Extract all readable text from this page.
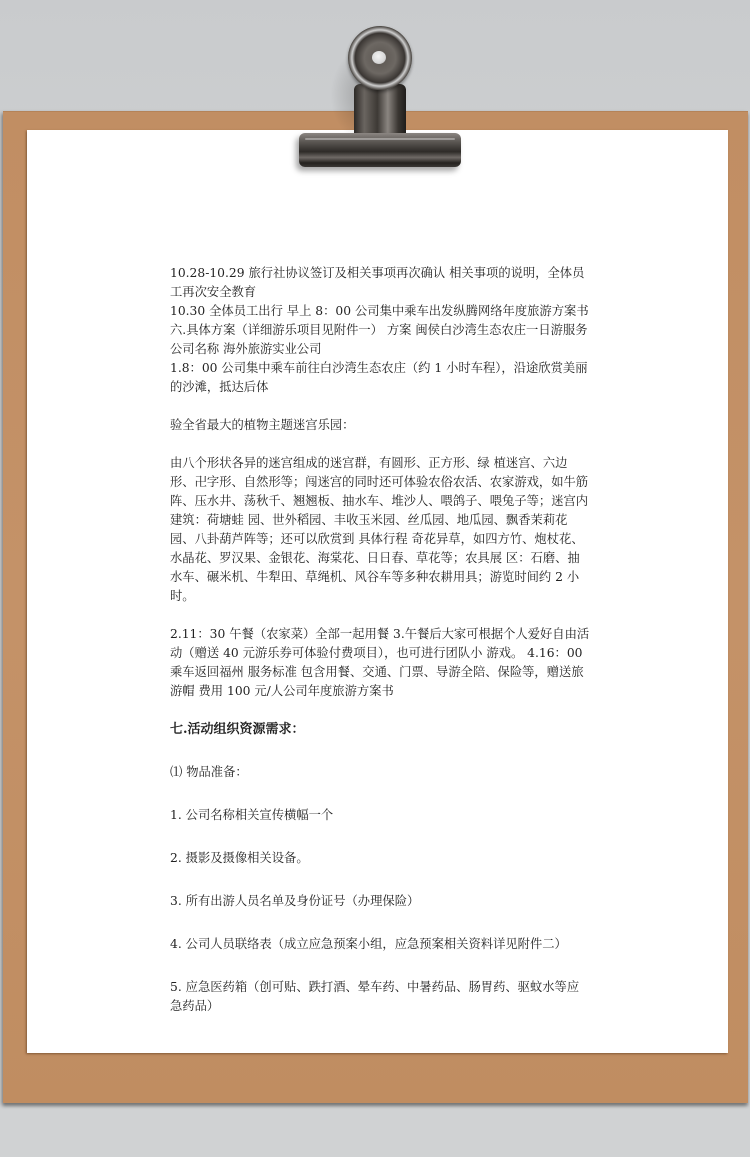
10.28-10.29 旅行社协议签订及相关事项再次确认 相关事项的说明，全体员工再次安全教育

10.30 全体员工出行 早上 8：00 公司集中乘车出发纵腾网络年度旅游方案书 六.具体方案（详细游乐项目见附件一） 方案 闽侯白沙湾生态农庄一日游服务公司名称 海外旅游实业公司

1.8：00 公司集中乘车前往白沙湾生态农庄（约 1 小时车程），沿途欣赏美丽的沙滩，抵达后体

验全省最大的植物主题迷宫乐园：

由八个形状各异的迷宫组成的迷宫群，有圆形、正方形、绿 植迷宫、六边形、卍字形、自然形等；闯迷宫的同时还可体验农俗农活、农家游戏，如牛筋 阵、压水井、荡秋千、翘翘板、抽水车、堆沙人、喂鸽子、喂兔子等；迷宫内建筑：荷塘蛙 园、世外稻园、丰收玉米园、丝瓜园、地瓜园、飘香茉莉花园、八卦葫芦阵等；还可以欣赏到 具体行程 奇花异草，如四方竹、炮杖花、水晶花、罗汉果、金银花、海棠花、日日春、草花等；农具展 区：石磨、抽水车、碾米机、牛犁田、草绳机、风谷车等多种农耕用具；游览时间约 2 小时。

2.11：30 午餐（农家菜）全部一起用餐 3.午餐后大家可根据个人爱好自由活动（赠送 40 元游乐券可体验付费项目），也可进行团队小 游戏。 4.16：00 乘车返回福州 服务标准 包含用餐、交通、门票、导游全陪、保险等，赠送旅游帽 费用 100 元/人公司年度旅游方案书

七.活动组织资源需求：

⑴ 物品准备：

1. 公司名称相关宣传横幅一个

2. 摄影及摄像相关设备。

3. 所有出游人员名单及身份证号（办理保险）

4. 公司人员联络表（成立应急预案小组，应急预案相关资料详见附件二）

5. 应急医药箱（创可贴、跌打酒、晕车药、中暑药品、肠胃药、驱蚊水等应急药品）
